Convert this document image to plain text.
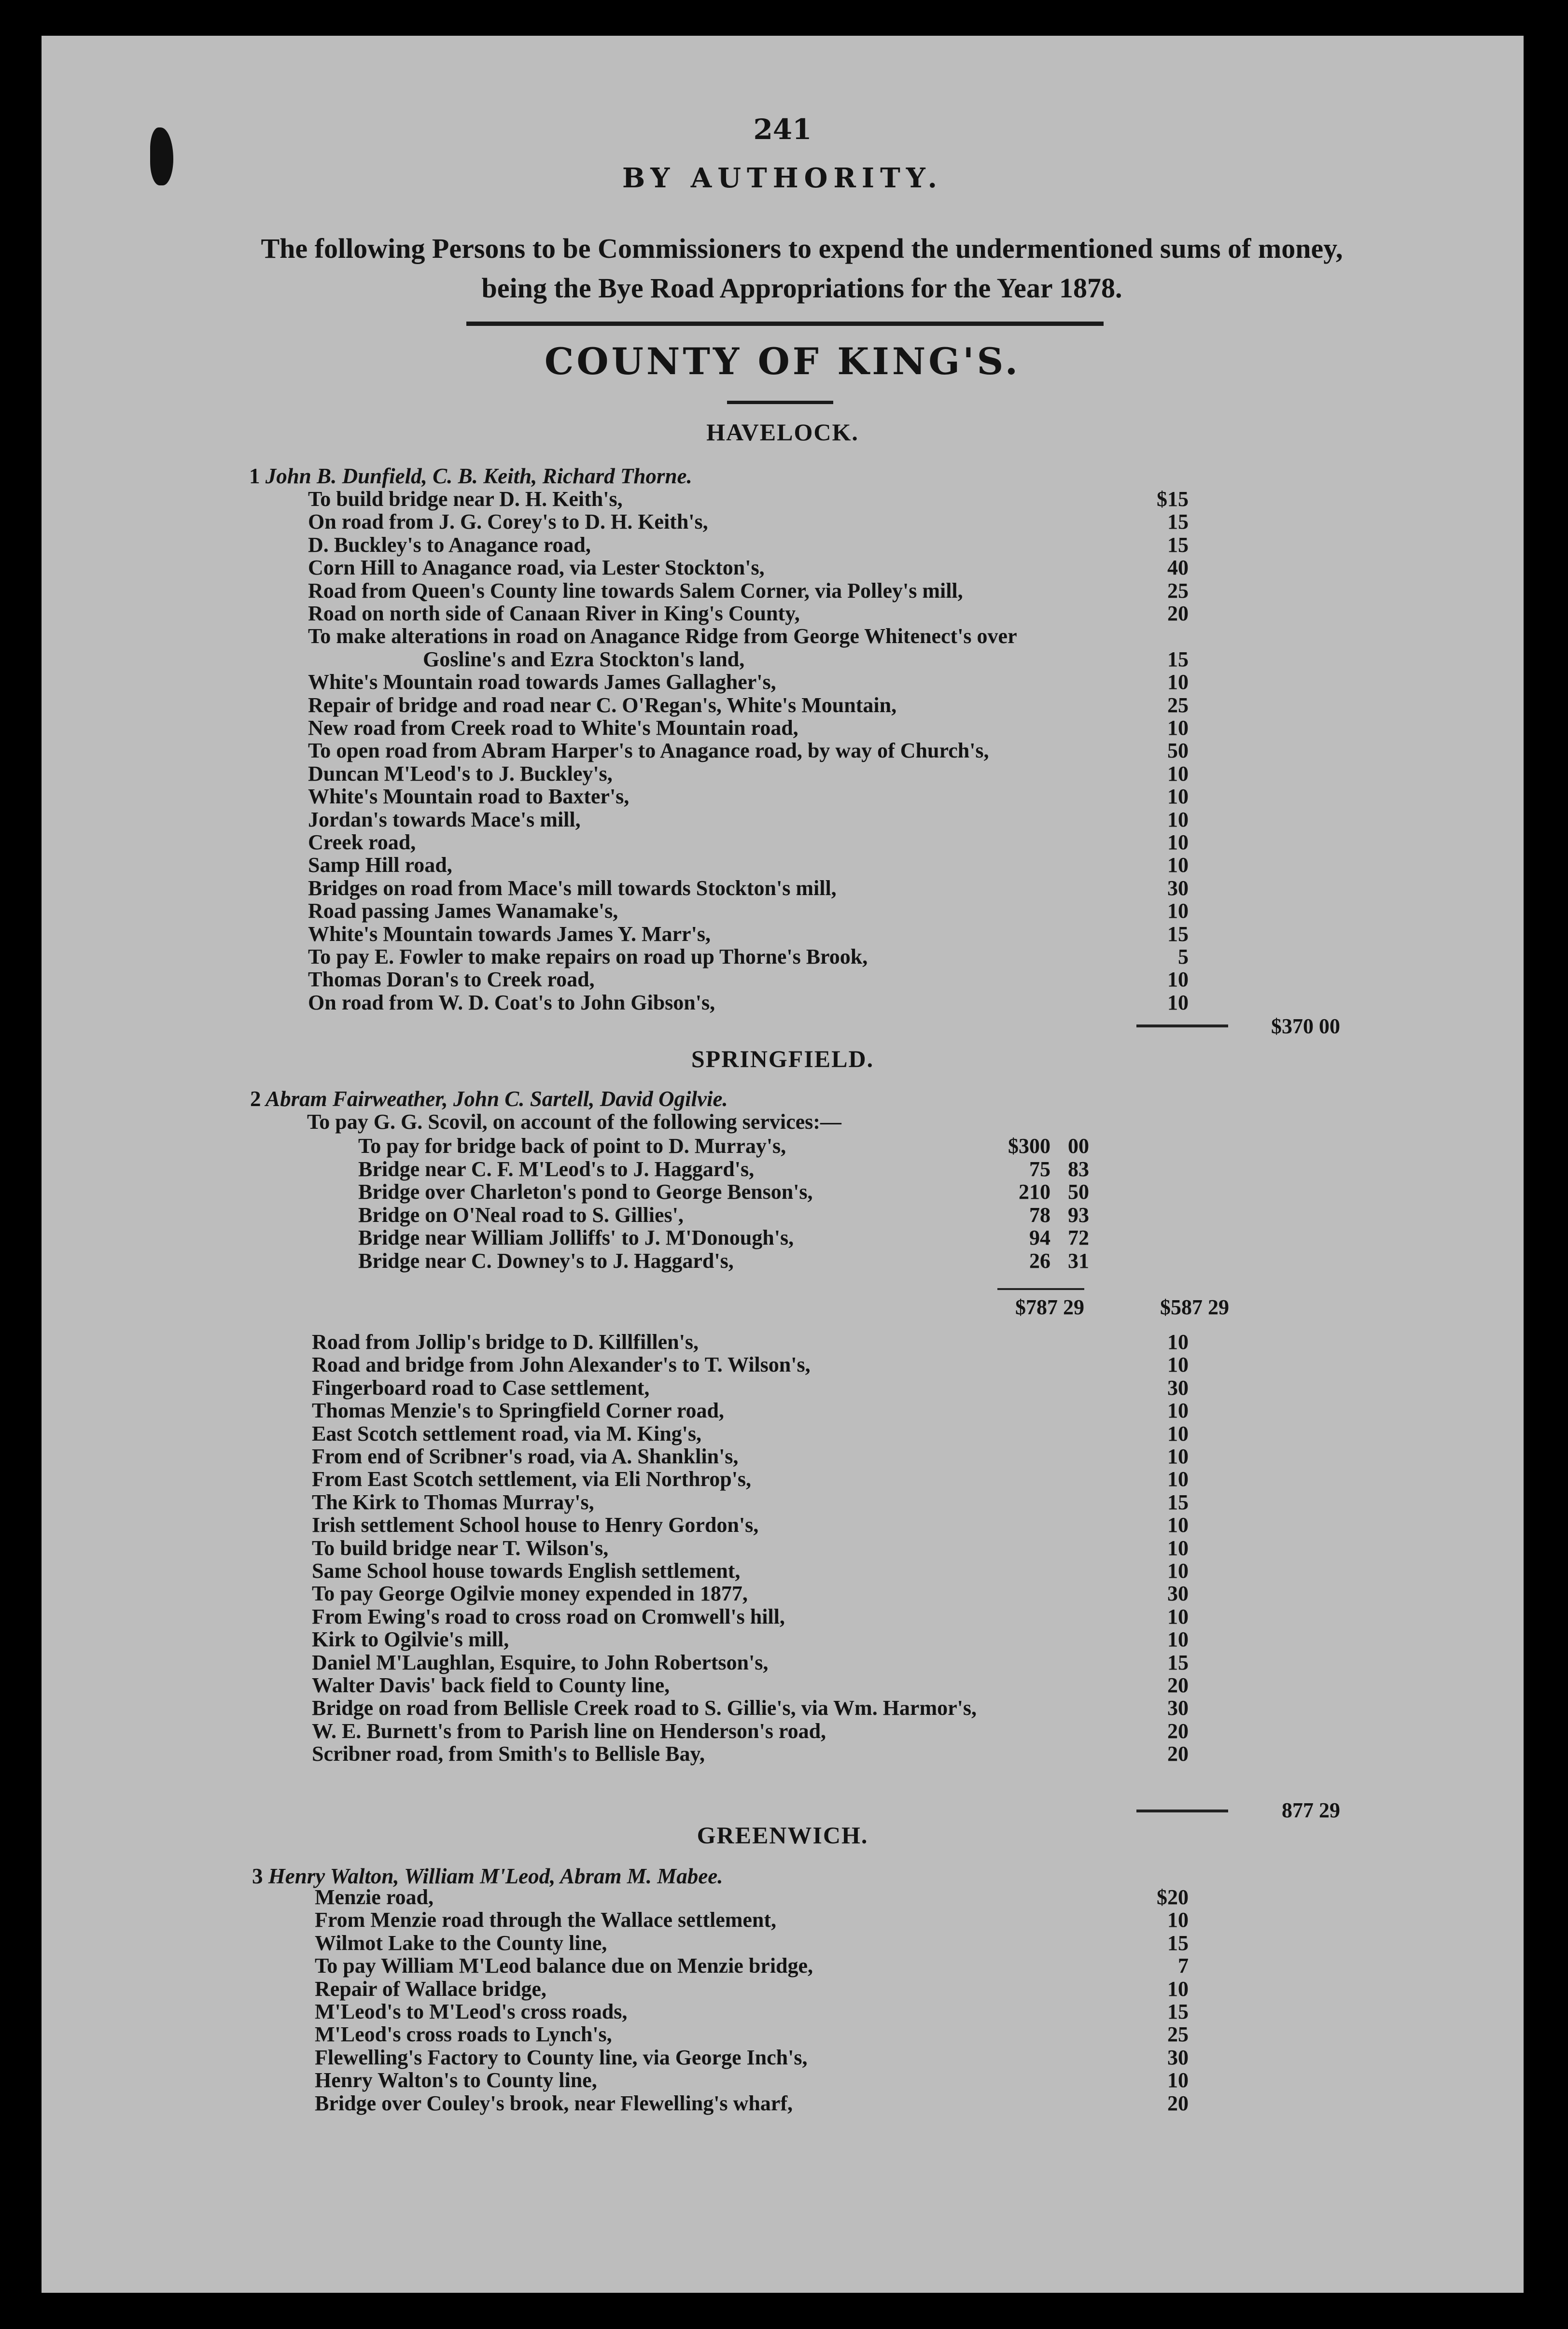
241
BY AUTHORITY.
The following Persons to be Commissioners to expend the undermentioned sums of money, being the Bye Road Appropriations for the Year 1878.
COUNTY OF KING'S.
HAVELOCK.
1 John B. Dunfield, C. B. Keith, Richard Thorne.
To build bridge near D. H. Keith's,	$15
On road from J. G. Corey's to D. H. Keith's,	15
D. Buckley's to Anagance road,	15
Corn Hill to Anagance road, via Lester Stockton's,	40
Road from Queen's County line towards Salem Corner, via Polley's mill,	25
Road on north side of Canaan River in King's County,	20
To make alterations in road on Anagance Ridge from George Whitenect's over
Gosline's and Ezra Stockton's land,	15
White's Mountain road towards James Gallagher's,	10
Repair of bridge and road near C. O'Regan's, White's Mountain,	25
New road from Creek road to White's Mountain road,	10
To open road from Abram Harper's to Anagance road, by way of Church's,	50
Duncan M'Leod's to J. Buckley's,	10
White's Mountain road to Baxter's,	10
Jordan's towards Mace's mill,	10
Creek road,	10
Samp Hill road,	10
Bridges on road from Mace's mill towards Stockton's mill,	30
Road passing James Wanamake's,	10
White's Mountain towards James Y. Marr's,	15
To pay E. Fowler to make repairs on road up Thorne's Brook,	5
Thomas Doran's to Creek road,	10
On road from W. D. Coat's to John Gibson's,	10
$370 00
SPRINGFIELD.
2 Abram Fairweather, John C. Sartell, David Ogilvie.
To pay G. G. Scovil, on account of the following services:—
To pay for bridge back of point to D. Murray's,	$300 00
Bridge near C. F. M'Leod's to J. Haggard's,	75 83
Bridge over Charleton's pond to George Benson's,	210 50
Bridge on O'Neal road to S. Gillies',	78 93
Bridge near William Jolliffs' to J. M'Donough's,	94 72
Bridge near C. Downey's to J. Haggard's,	26 31
$787 29	$587 29
Road from Jollip's bridge to D. Killfillen's,	10
Road and bridge from John Alexander's to T. Wilson's,	10
Fingerboard road to Case settlement,	30
Thomas Menzie's to Springfield Corner road,	10
East Scotch settlement road, via M. King's,	10
From end of Scribner's road, via A. Shanklin's,	10
From East Scotch settlement, via Eli Northrop's,	10
The Kirk to Thomas Murray's,	15
Irish settlement School house to Henry Gordon's,	10
To build bridge near T. Wilson's,	10
Same School house towards English settlement,	10
To pay George Ogilvie money expended in 1877,	30
From Ewing's road to cross road on Cromwell's hill,	10
Kirk to Ogilvie's mill,	10
Daniel M'Laughlan, Esquire, to John Robertson's,	15
Walter Davis' back field to County line,	20
Bridge on road from Bellisle Creek road to S. Gillie's, via Wm. Harmor's,	30
W. E. Burnett's from to Parish line on Henderson's road,	20
Scribner road, from Smith's to Bellisle Bay,	20
877 29
GREENWICH.
3 Henry Walton, William M'Leod, Abram M. Mabee.
Menzie road,	$20
From Menzie road through the Wallace settlement,	10
Wilmot Lake to the County line,	15
To pay William M'Leod balance due on Menzie bridge,	7
Repair of Wallace bridge,	10
M'Leod's to M'Leod's cross roads,	15
M'Leod's cross roads to Lynch's,	25
Flewelling's Factory to County line, via George Inch's,	30
Henry Walton's to County line,	10
Bridge over Couley's brook, near Flewelling's wharf,	20
